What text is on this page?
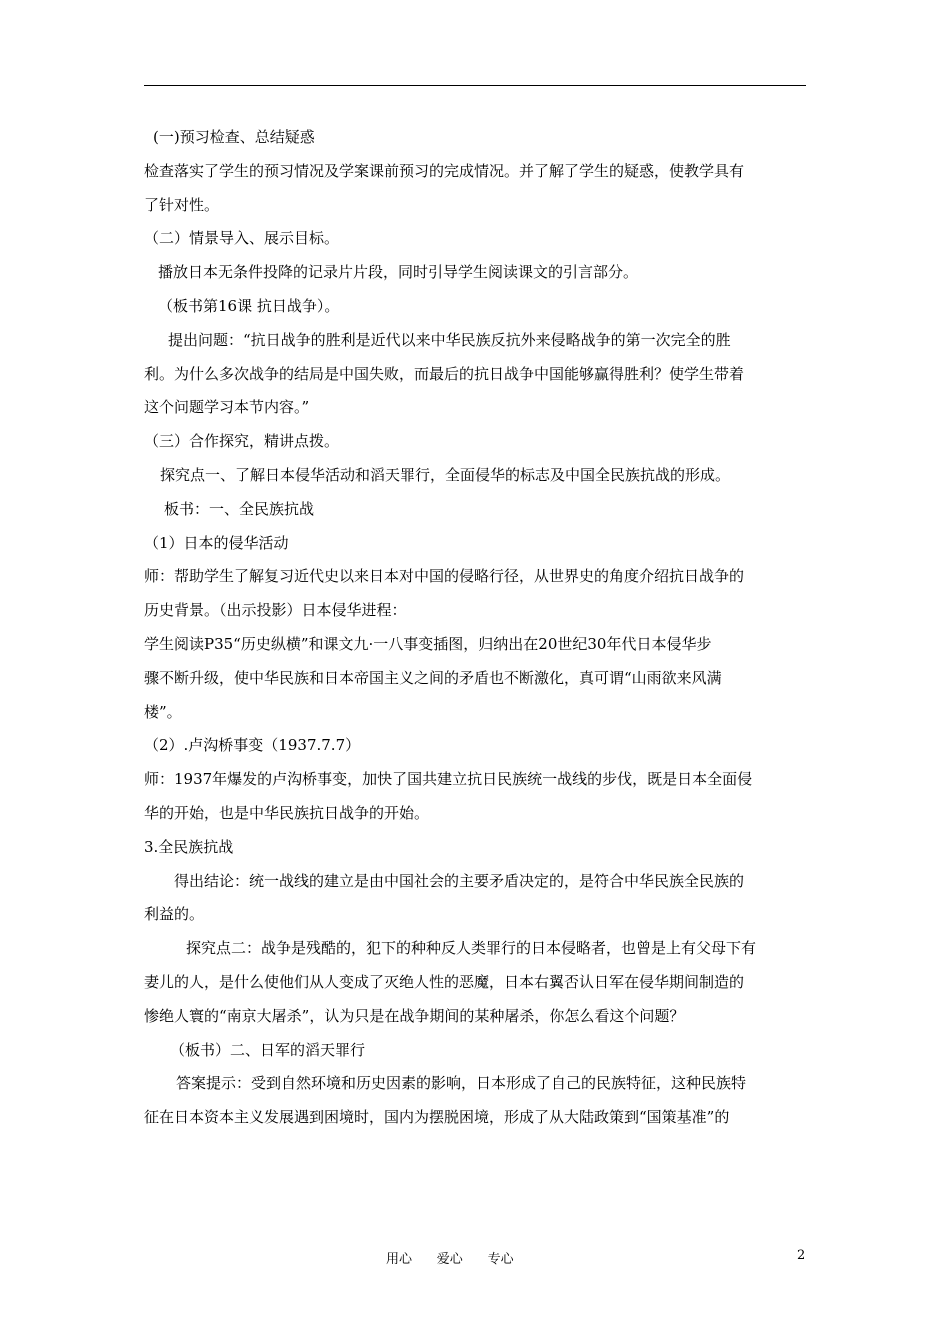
(一)预习检查、总结疑惑
检查落实了学生的预习情况及学案课前预习的完成情况。并了解了学生的疑惑，使教学具有
了针对性。
（二）情景导入、展示目标。
播放日本无条件投降的记录片片段，同时引导学生阅读课文的引言部分。
（板书第16课 抗日战争）。
提出问题：“抗日战争的胜利是近代以来中华民族反抗外来侵略战争的第一次完全的胜
利。为什么多次战争的结局是中国失败，而最后的抗日战争中国能够赢得胜利？使学生带着
这个问题学习本节内容。”
（三）合作探究，精讲点拨。
探究点一、了解日本侵华活动和滔天罪行，全面侵华的标志及中国全民族抗战的形成。
板书：一、全民族抗战
（1）日本的侵华活动
师：帮助学生了解复习近代史以来日本对中国的侵略行径，从世界史的角度介绍抗日战争的
历史背景。（出示投影）日本侵华进程：
学生阅读P35“历史纵横”和课文九·一八事变插图，归纳出在20世纪30年代日本侵华步
骤不断升级，使中华民族和日本帝国主义之间的矛盾也不断激化，真可谓“山雨欲来风满
楼”。
（2）.卢沟桥事变（1937.7.7）
师：1937年爆发的卢沟桥事变，加快了国共建立抗日民族统一战线的步伐，既是日本全面侵
华的开始，也是中华民族抗日战争的开始。
3.全民族抗战
得出结论：统一战线的建立是由中国社会的主要矛盾决定的，是符合中华民族全民族的
利益的。
探究点二：战争是残酷的，犯下的种种反人类罪行的日本侵略者，也曾是上有父母下有
妻儿的人，是什么使他们从人变成了灭绝人性的恶魔，日本右翼否认日军在侵华期间制造的
惨绝人寰的“南京大屠杀”，认为只是在战争期间的某种屠杀，你怎么看这个问题？
（板书）二、日军的滔天罪行
答案提示：受到自然环境和历史因素的影响，日本形成了自己的民族特征，这种民族特
征在日本资本主义发展遇到困境时，国内为摆脱困境，形成了从大陆政策到“国策基准”的
用心      爱心      专心	2
